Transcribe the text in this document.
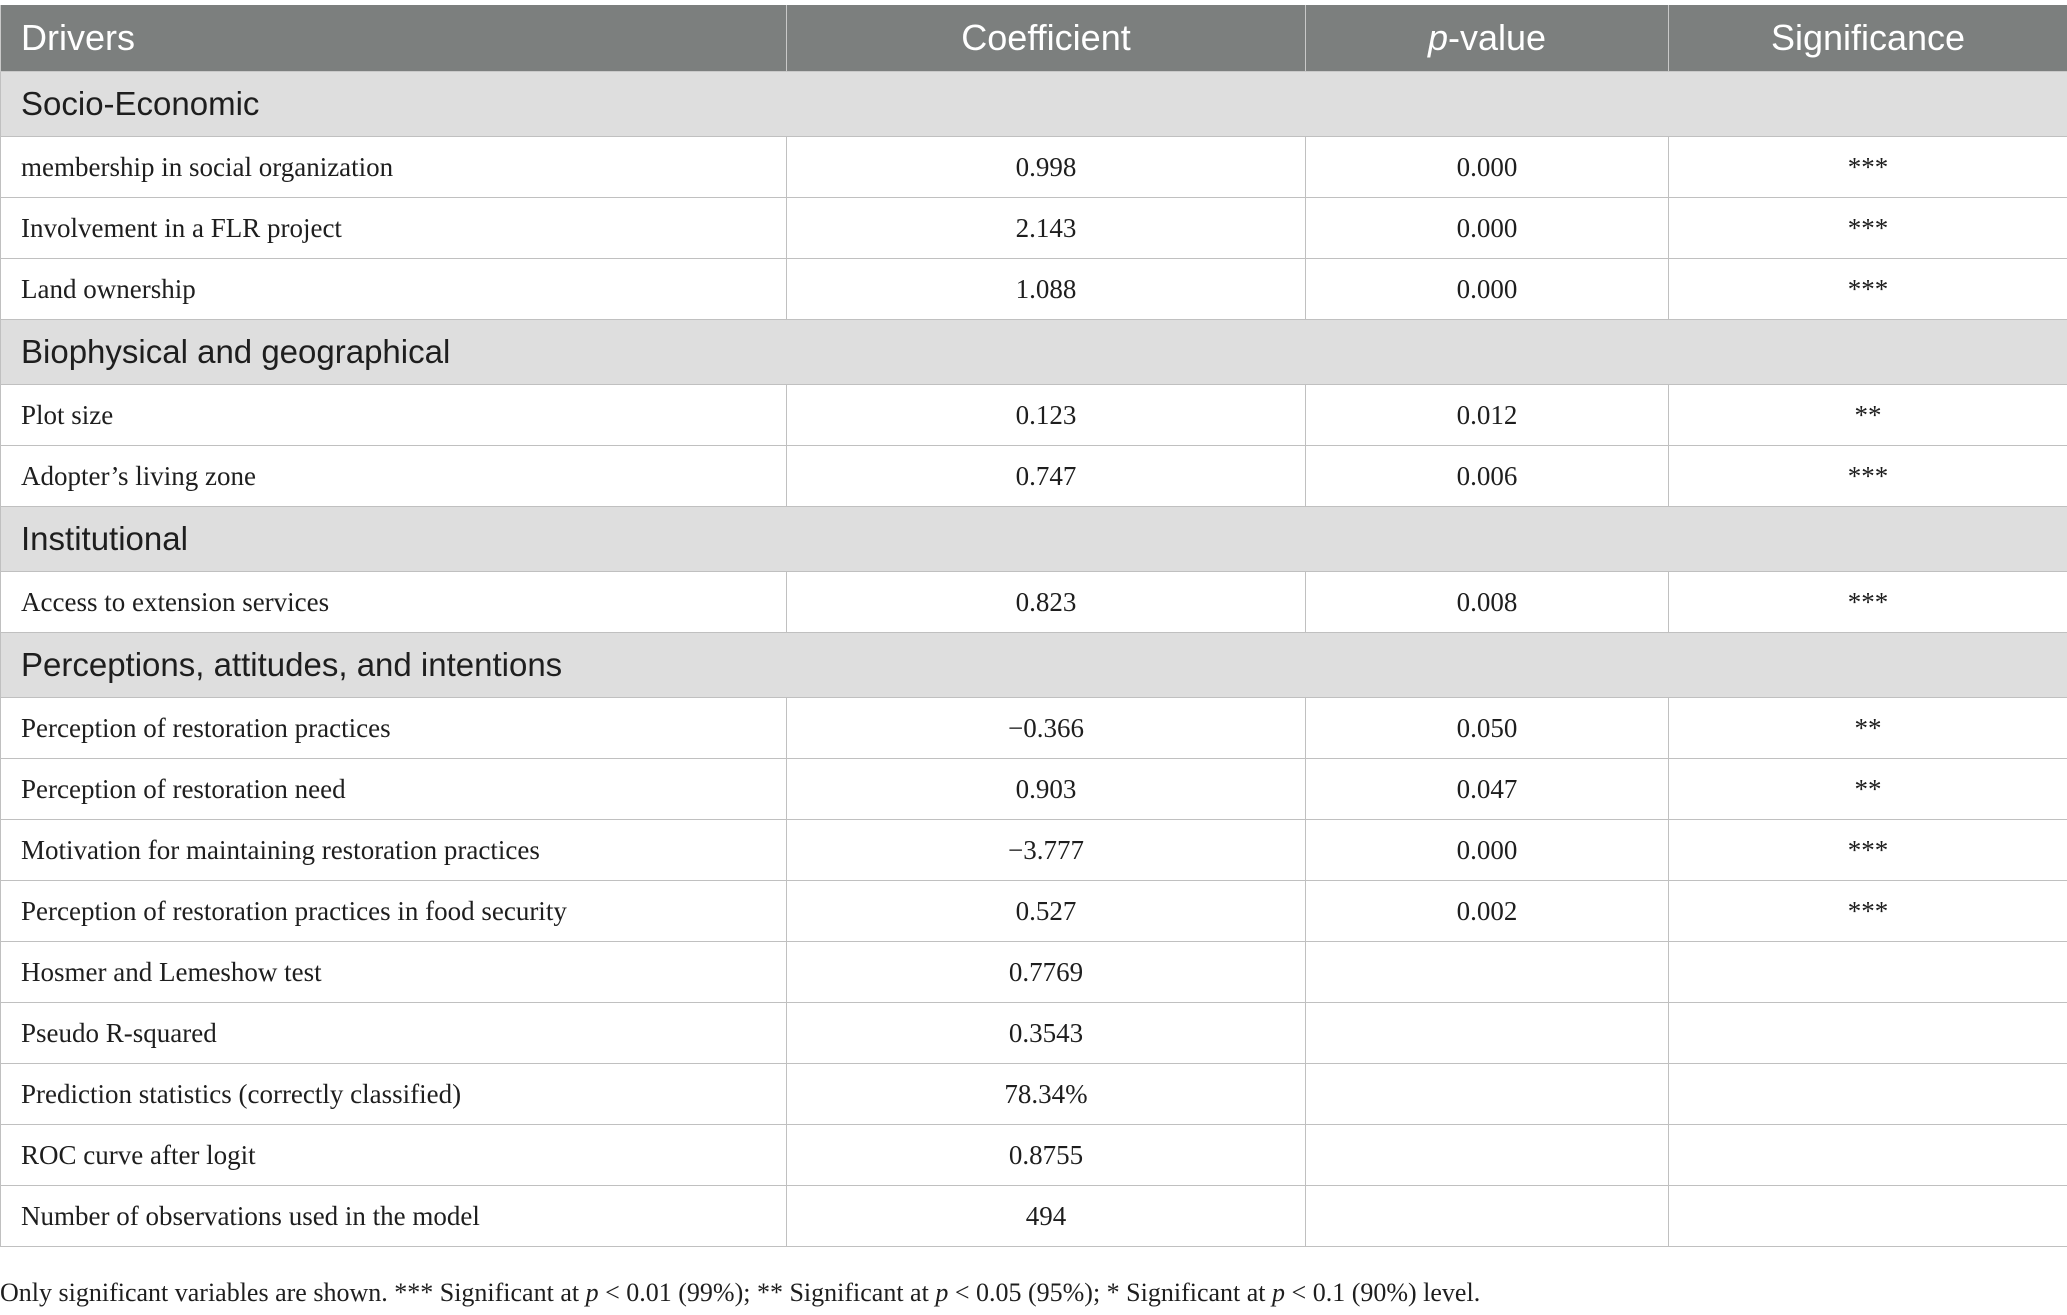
Drivers	Coefficient	p-value	Significance
Socio-Economic			
membership in social organization	0.998	0.000	***
Involvement in a FLR project	2.143	0.000	***
Land ownership	1.088	0.000	***
Biophysical and geographical			
Plot size	0.123	0.012	**
Adopter’s living zone	0.747	0.006	***
Institutional			
Access to extension services	0.823	0.008	***
Perceptions, attitudes, and intentions			
Perception of restoration practices	−0.366	0.050	**
Perception of restoration need	0.903	0.047	**
Motivation for maintaining restoration practices	−3.777	0.000	***
Perception of restoration practices in food security	0.527	0.002	***
Hosmer and Lemeshow test	0.7769		
Pseudo R-squared	0.3543		
Prediction statistics (correctly classified)	78.34%		
ROC curve after logit	0.8755		
Number of observations used in the model	494		
Only significant variables are shown. *** Significant at p < 0.01 (99%); ** Significant at p < 0.05 (95%); * Significant at p < 0.1 (90%) level.
